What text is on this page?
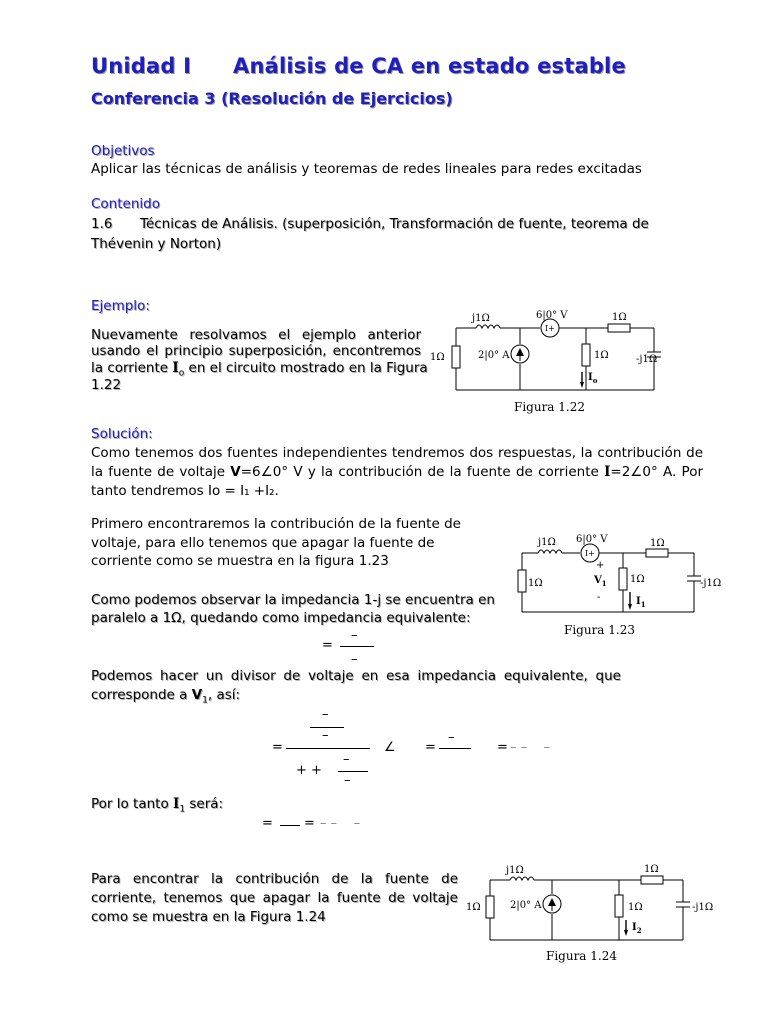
Unidad I Análisis de CA en estado estable
Conferencia 3 (Resolución de Ejercicios)
Objetivos
Aplicar las técnicas de análisis y teoremas de redes lineales para redes excitadas
Contenido
1.6 Técnicas de Análisis. (superposición, Transformación de fuente, teorema de
Thévenin y Norton)
Ejemplo:
Nuevamente resolvamos el ejemplo anterior
usando el principio superposición, encontremos
la corriente $I_o$ en el circuito mostrado en la Figura
1.22
j1Ω	6|0° V
I+
1Ω
1Ω	2|0° A	1Ω
$I_o$
-j1Ω
Figura 1.22
Solución:
Como tenemos dos fuentes independientes tendremos dos respuestas, la contribución de
la fuente de voltaje V=6∠0° V y la contribución de la fuente de corriente I=2∠0° A. Por
tanto tendremos Io = I₁ +I₂.
Primero encontraremos la contribución de la fuente de
voltaje, para ello tenemos que apagar la fuente de
corriente como se muestra en la figura 1.23
Como podemos observar la impedancia 1-j se encuentra en
paralelo a 1Ω, quedando como impedancia equivalente:
j1Ω 6|0° V
I+
1Ω
1Ω
+
$V_1$
-
1Ω
$I_1$
-j1Ω
Figura 1.23
=
–
–
Podemos hacer un divisor de voltaje en esa impedancia equivalente, que
corresponde a $V_1$, así:
–
–
=	∠ =
–
= – –    –
–
+ +
–
Por lo tanto $I_1$ será:
= = – –    –
Para encontrar la contribución de la fuente de
corriente, tenemos que apagar la fuente de voltaje
como se muestra en la Figura 1.24
j1Ω	1Ω
1Ω	2|0° A	1Ω
$I_2$
-j1Ω
Figura 1.24
